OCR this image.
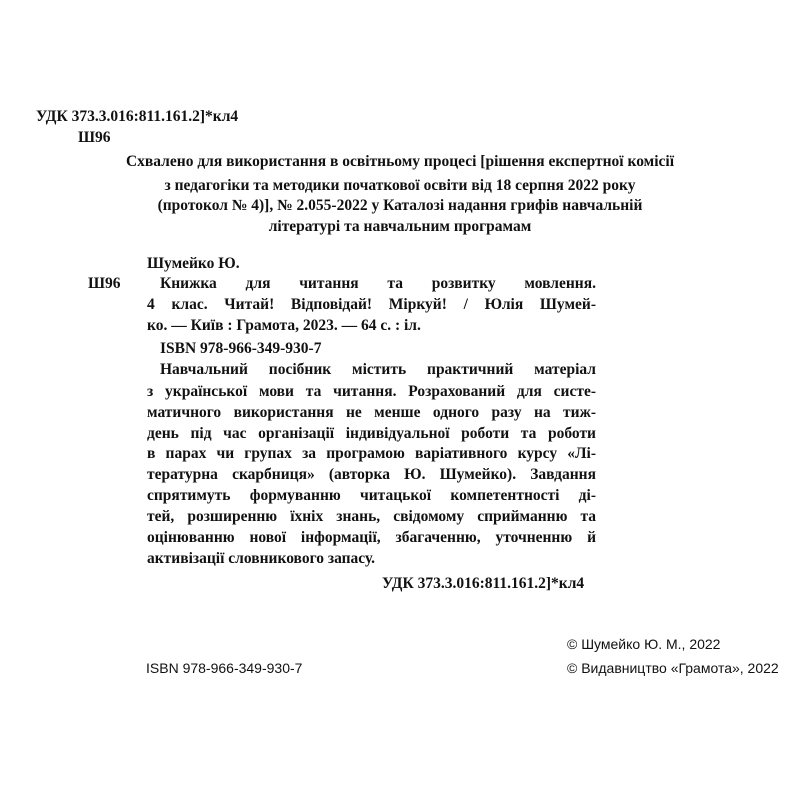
УДК 373.3.016:811.161.2]*кл4
Ш96
Схвалено для використання в освітньому процесі [рішення експертної комісії
з педагогіки та методики початкової освіти від 18 серпня 2022 року
(протокол № 4)], № 2.055-2022 у Каталозі надання грифів навчальній
літературі та навчальним програмам
Шумейко Ю.
Ш96	Книжка для читання та розвитку мовлення.
4 клас. Читай! Відповідай! Міркуй! / Юлія Шумей-
ко. — Київ : Грамота, 2023. — 64 с. : іл.
ISBN 978-966-349-930-7
Навчальний посібник містить практичний матеріал
з української мови та читання. Розрахований для систе-
матичного використання не менше одного разу на тиж-
день під час організації індивідуальної роботи та роботи
в парах чи групах за програмою варіативного курсу «Лі-
тературна скарбниця» (авторка Ю. Шумейко). Завдання
спрятимуть формуванню читацької компетентності ді-
тей, розширенню їхніх знань, свідомому сприйманню та
оцінюванню нової інформації, збагаченню, уточненню й
активізації словникового запасу.
УДК 373.3.016:811.161.2]*кл4
ISBN 978-966-349-930-7
© Шумейко Ю. М., 2022
© Видавництво «Грамота», 2022
